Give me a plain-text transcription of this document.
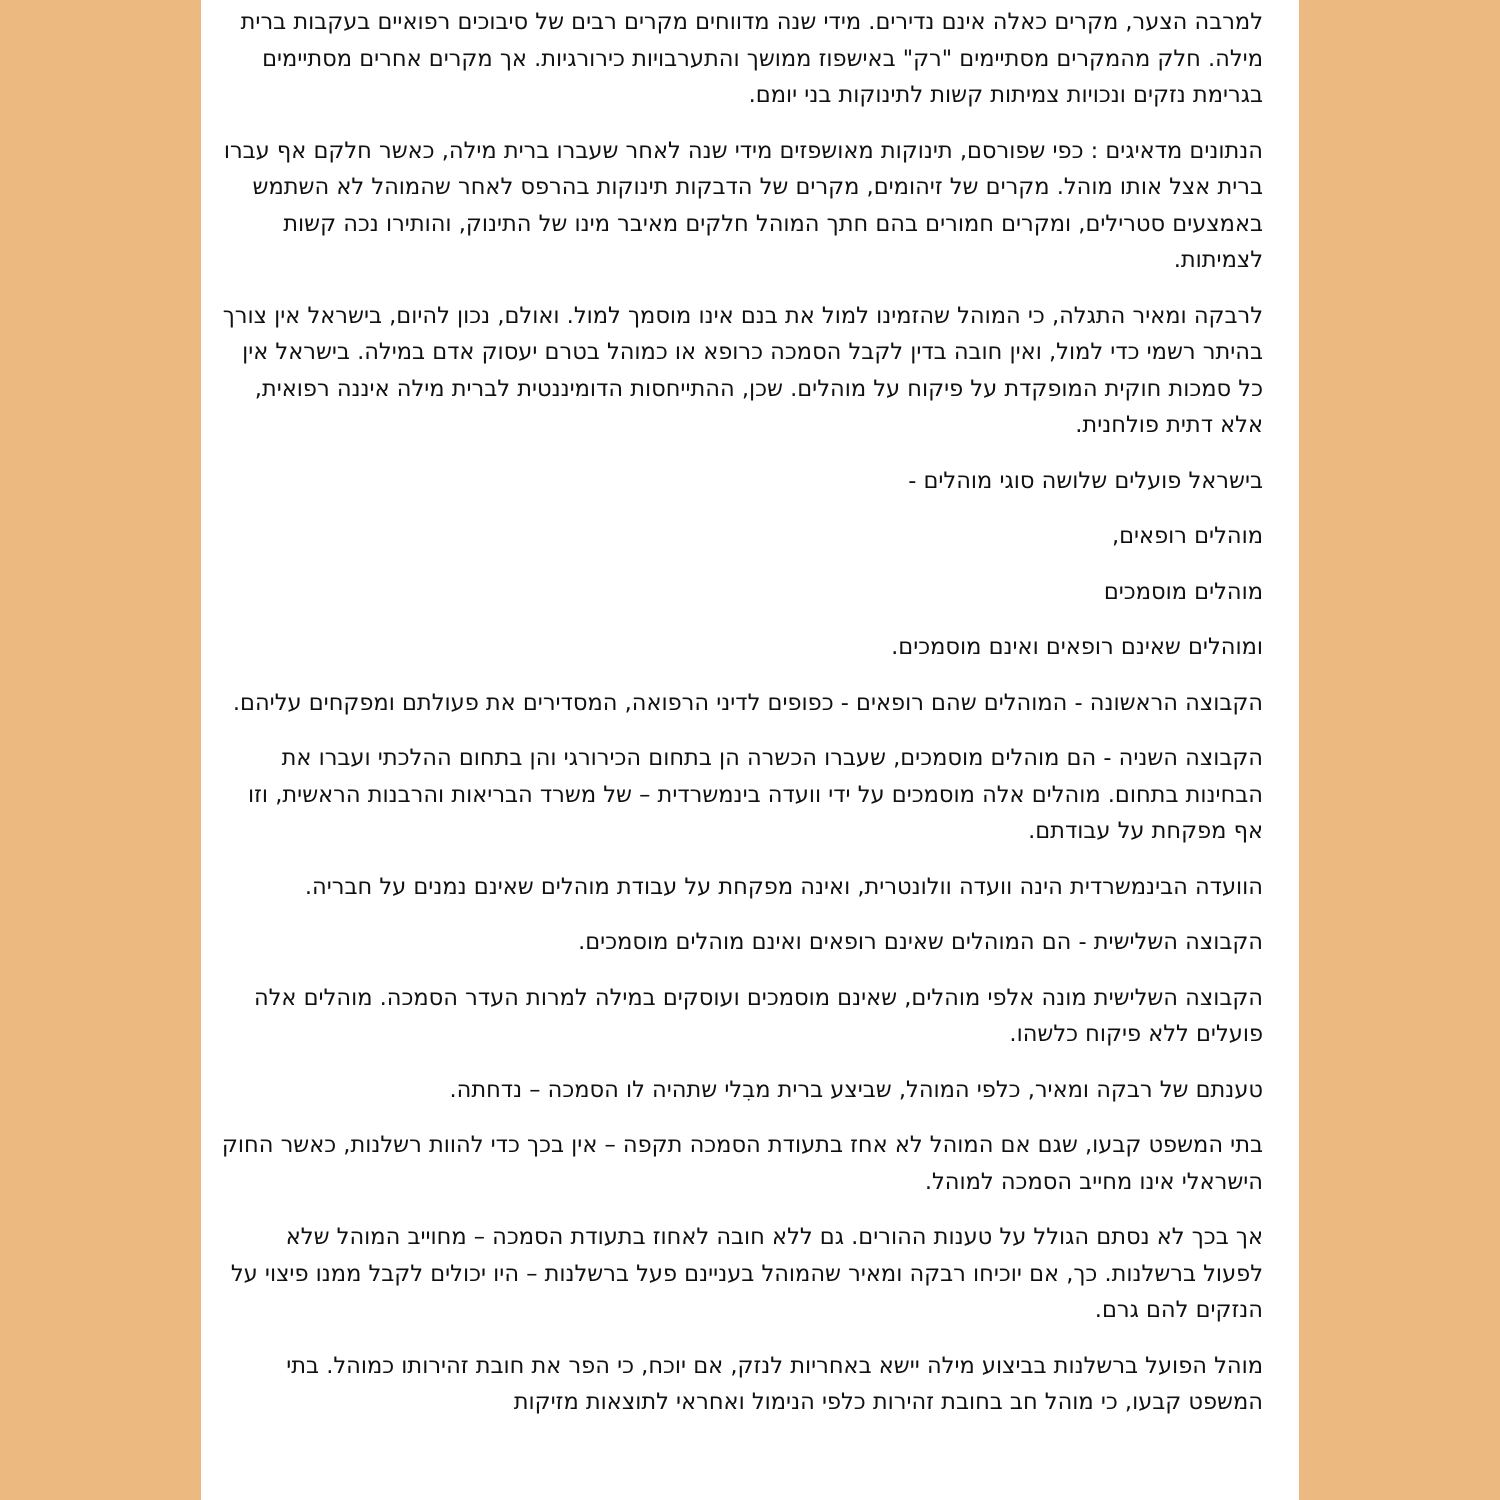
למרבה הצער, מקרים כאלה אינם נדירים. מידי שנה מדווחים מקרים רבים של סיבוכים רפואיים בעקבות ברית מילה. חלק מהמקרים מסתיימים "רק" באישפוז ממושך והתערבויות כירורגיות. אך מקרים אחרים מסתיימים בגרימת נזקים ונכויות צמיתות קשות לתינוקות בני יומם.

הנתונים מדאיגים : כפי שפורסם, תינוקות מאושפזים מידי שנה לאחר שעברו ברית מילה, כאשר חלקם אף עברו ברית אצל אותו מוהל. מקרים של זיהומים, מקרים של הדבקות תינוקות בהרפס לאחר שהמוהל לא השתמש באמצעים סטרילים, ומקרים חמורים בהם חתך המוהל חלקים מאיבר מינו של התינוק, והותירו נכה קשות לצמיתות.

לרבקה ומאיר התגלה, כי המוהל שהזמינו למול את בנם אינו מוסמך למול. ואולם, נכון להיום, בישראל אין צורך בהיתר רשמי כדי למול, ואין חובה בדין לקבל הסמכה כרופא או כמוהל בטרם יעסוק אדם במילה. בישראל אין כל סמכות חוקית המופקדת על פיקוח על מוהלים. שכן, ההתייחסות הדומיננטית לברית מילה איננה רפואית, אלא דתית פולחנית.

בישראל פועלים שלושה סוגי מוהלים -

מוהלים רופאים,

מוהלים מוסמכים

ומוהלים שאינם רופאים ואינם מוסמכים.

הקבוצה הראשונה - המוהלים שהם רופאים - כפופים לדיני הרפואה, המסדירים את פעולתם ומפקחים עליהם.

הקבוצה השניה - הם מוהלים מוסמכים, שעברו הכשרה הן בתחום הכירורגי והן בתחום ההלכתי ועברו את הבחינות בתחום. מוהלים אלה מוסמכים על ידי וועדה בינמשרדית – של משרד הבריאות והרבנות הראשית, וזו אף מפקחת על עבודתם.

הוועדה הבינמשרדית הינה וועדה וולונטרית, ואינה מפקחת על עבודת מוהלים שאינם נמנים על חבריה.

הקבוצה השלישית - הם המוהלים שאינם רופאים ואינם מוהלים מוסמכים.

הקבוצה השלישית מונה אלפי מוהלים, שאינם מוסמכים ועוסקים במילה למרות העדר הסמכה. מוהלים אלה פועלים ללא פיקוח כלשהו.

טענתם של רבקה ומאיר, כלפי המוהל, שביצע ברית מבִלי שתהיה לו הסמכה – נדחתה.

בתי המשפט קבעו, שגם אם המוהל לא אחז בתעודת הסמכה תקפה – אין בכך כדי להוות רשלנות, כאשר החוק הישראלי אינו מחייב הסמכה למוהל.

אך בכך לא נסתם הגולל על טענות ההורים. גם ללא חובה לאחוז בתעודת הסמכה – מחוייב המוהל שלא לפעול ברשלנות. כך, אם יוכיחו רבקה ומאיר שהמוהל בעניינם פעל ברשלנות – היו יכולים לקבל ממנו פיצוי על הנזקים להם גרם.

מוהל הפועל ברשלנות בביצוע מילה יישא באחריות לנזק, אם יוכח, כי הפר את חובת זהירותו כמוהל. בתי המשפט קבעו, כי מוהל חב בחובת זהירות כלפי הנימול ואחראי לתוצאות מזיקות
